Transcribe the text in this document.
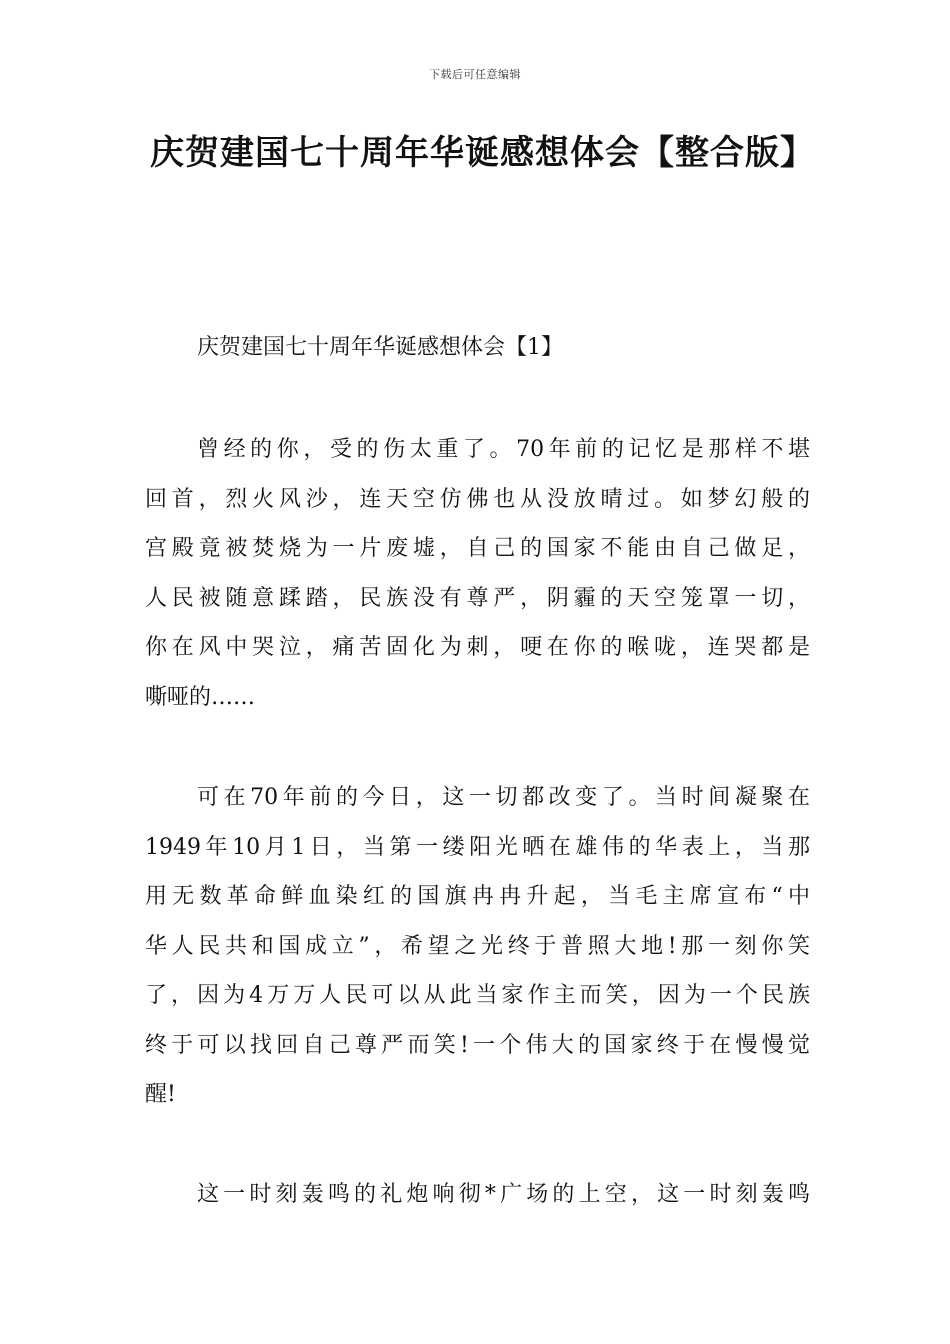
下载后可任意编辑
庆贺建国七十周年华诞感想体会【整合版】
庆贺建国七十周年华诞感想体会【1】
曾经的你，受的伤太重了。70年前的记忆是那样不堪
回首，烈火风沙，连天空仿佛也从没放晴过。如梦幻般的
宫殿竟被焚烧为一片废墟，自己的国家不能由自己做足，
人民被随意蹂踏，民族没有尊严，阴霾的天空笼罩一切，
你在风中哭泣，痛苦固化为刺，哽在你的喉咙，连哭都是
嘶哑的……
可在70年前的今日，这一切都改变了。当时间凝聚在
1949年10月1日，当第一缕阳光晒在雄伟的华表上，当那
用无数革命鲜血染红的国旗冉冉升起，当毛主席宣布“中
华人民共和国成立”，希望之光终于普照大地!那一刻你笑
了，因为4万万人民可以从此当家作主而笑，因为一个民族
终于可以找回自己尊严而笑!一个伟大的国家终于在慢慢觉
醒!
这一时刻轰鸣的礼炮响彻*广场的上空，这一时刻轰鸣
